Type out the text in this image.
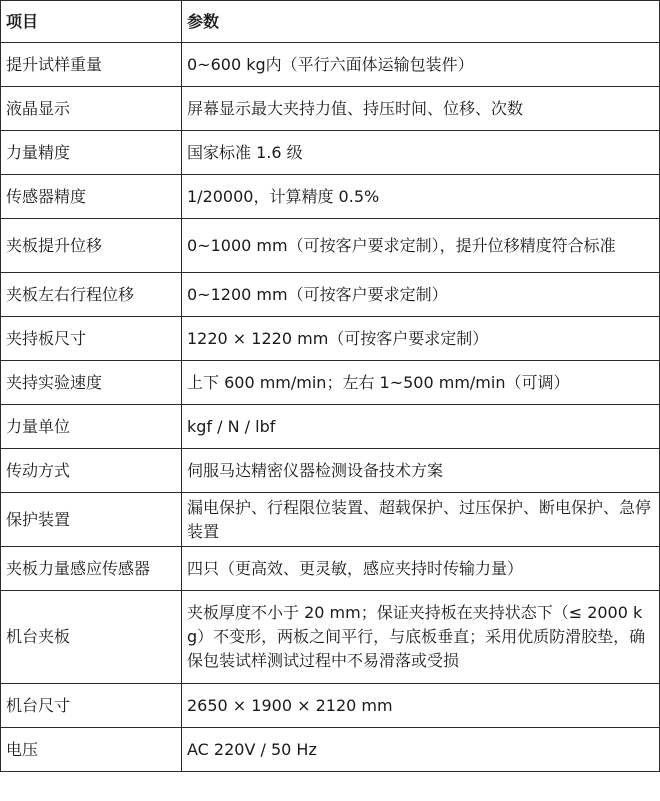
项目	参数
提升试样重量	0~600 kg内（平行六面体运输包装件）
液晶显示	屏幕显示最大夹持力值、持压时间、位移、次数
力量精度	国家标准 1.6 级
传感器精度	1/20000，计算精度 0.5%
夹板提升位移	0~1000 mm（可按客户要求定制），提升位移精度符合标准
夹板左右行程位移	0~1200 mm（可按客户要求定制）
夹持板尺寸	1220 × 1220 mm（可按客户要求定制）
夹持实验速度	上下 600 mm/min；左右 1~500 mm/min（可调）
力量单位	kgf / N / lbf
传动方式	伺服马达精密仪器检测设备技术方案
保护装置	漏电保护、行程限位装置、超载保护、过压保护、断电保护、急停装置
夹板力量感应传感器	四只（更高效、更灵敏，感应夹持时传输力量）
机台夹板	夹板厚度不小于 20 mm；保证夹持板在夹持状态下（≤ 2000 kg）不变形，两板之间平行，与底板垂直；采用优质防滑胶垫，确保包装试样测试过程中不易滑落或受损
机台尺寸	2650 × 1900 × 2120 mm
电压	AC 220V / 50 Hz
